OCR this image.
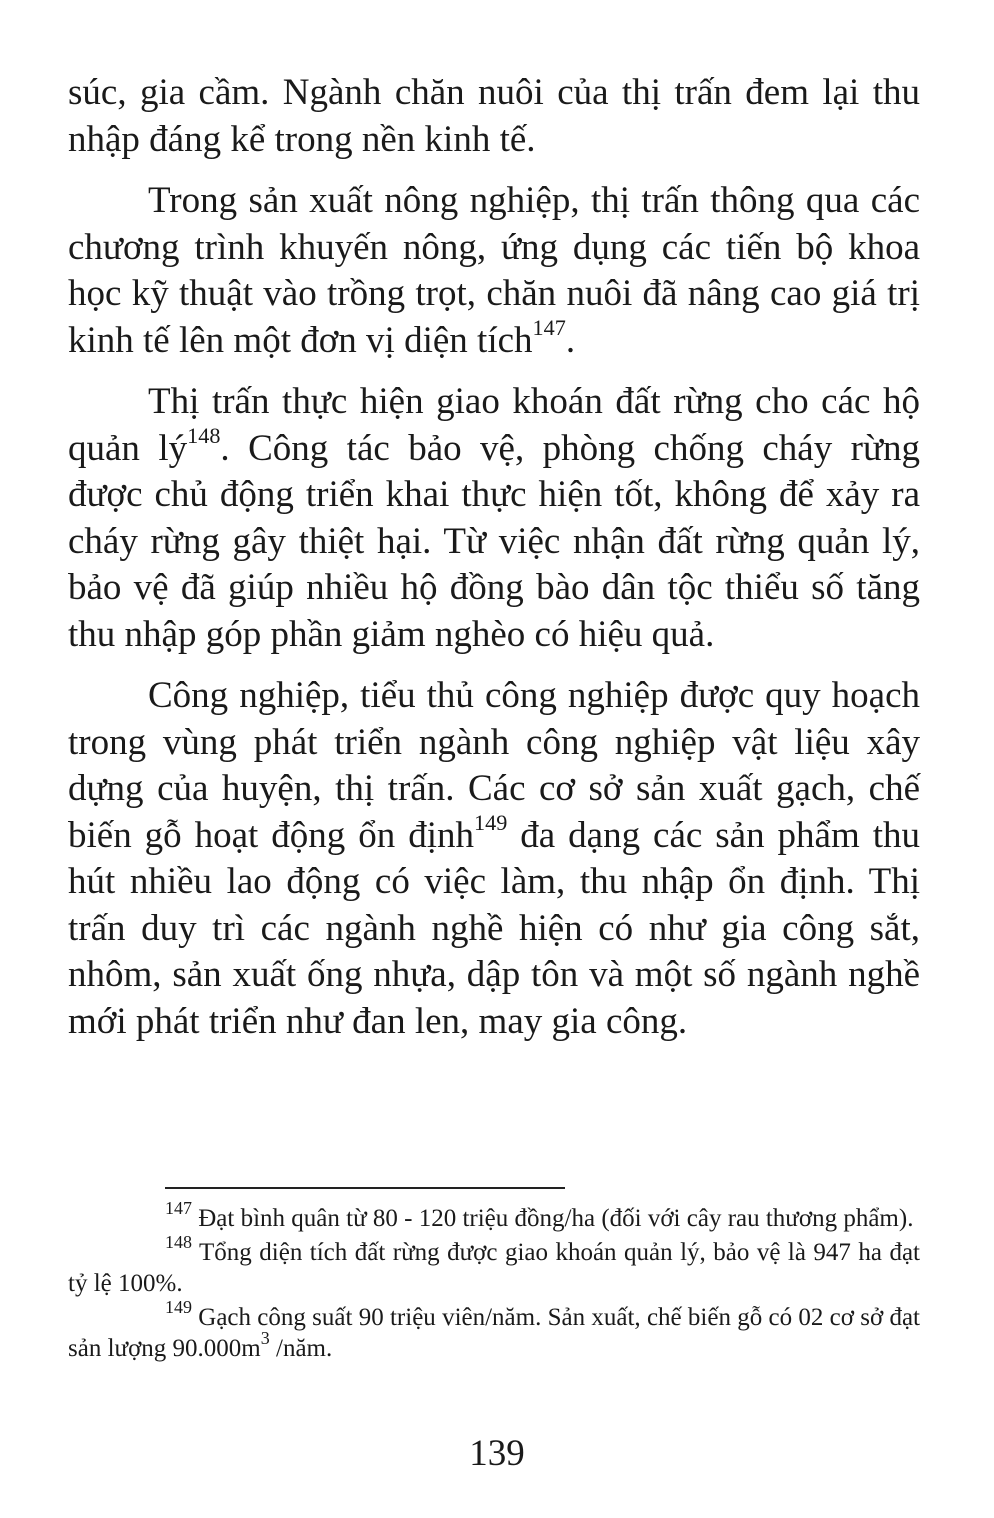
súc, gia cầm. Ngành chăn nuôi của thị trấn đem lại thu nhập đáng kể trong nền kinh tế.

Trong sản xuất nông nghiệp, thị trấn thông qua các chương trình khuyến nông, ứng dụng các tiến bộ khoa học kỹ thuật vào trồng trọt, chăn nuôi đã nâng cao giá trị kinh tế lên một đơn vị diện tích$^{147}$.

Thị trấn thực hiện giao khoán đất rừng cho các hộ quản $lý^{148}$. Công tác bảo vệ, phòng chống cháy rừng được chủ động triển khai thực hiện tốt, không để xảy ra cháy rừng gây thiệt hại. Từ việc nhận đất rừng quản lý, bảo vệ đã giúp nhiều hộ đồng bào dân tộc thiểu số tăng thu nhập góp phần giảm nghèo có hiệu quả.

Công nghiệp, tiểu thủ công nghiệp được quy hoạch trong vùng phát triển ngành công nghiệp vật liệu xây dựng của huyện, thị trấn. Các cơ sở sản xuất gạch, chế biến gỗ hoạt động ổn định$^{149}$ đa dạng các sản phẩm thu hút nhiều lao động có việc làm, thu nhập ổn định. Thị trấn duy trì các ngành nghề hiện có như gia công sắt, nhôm, sản xuất ống nhựa, dập tôn và một số ngành nghề mới phát triển như đan len, may gia công.

$^{147}$ Đạt bình quân từ 80 - 120 triệu đồng/ha (đối với cây rau thương phẩm).

$^{148}$ Tổng diện tích đất rừng được giao khoán quản lý, bảo vệ là 947 ha đạt tỷ lệ 100%.

$^{149}$ Gạch công suất 90 triệu viên/năm. Sản xuất, chế biến gỗ có 02 cơ sở đạt sản lượng $90.000m^3$ /năm.

139
